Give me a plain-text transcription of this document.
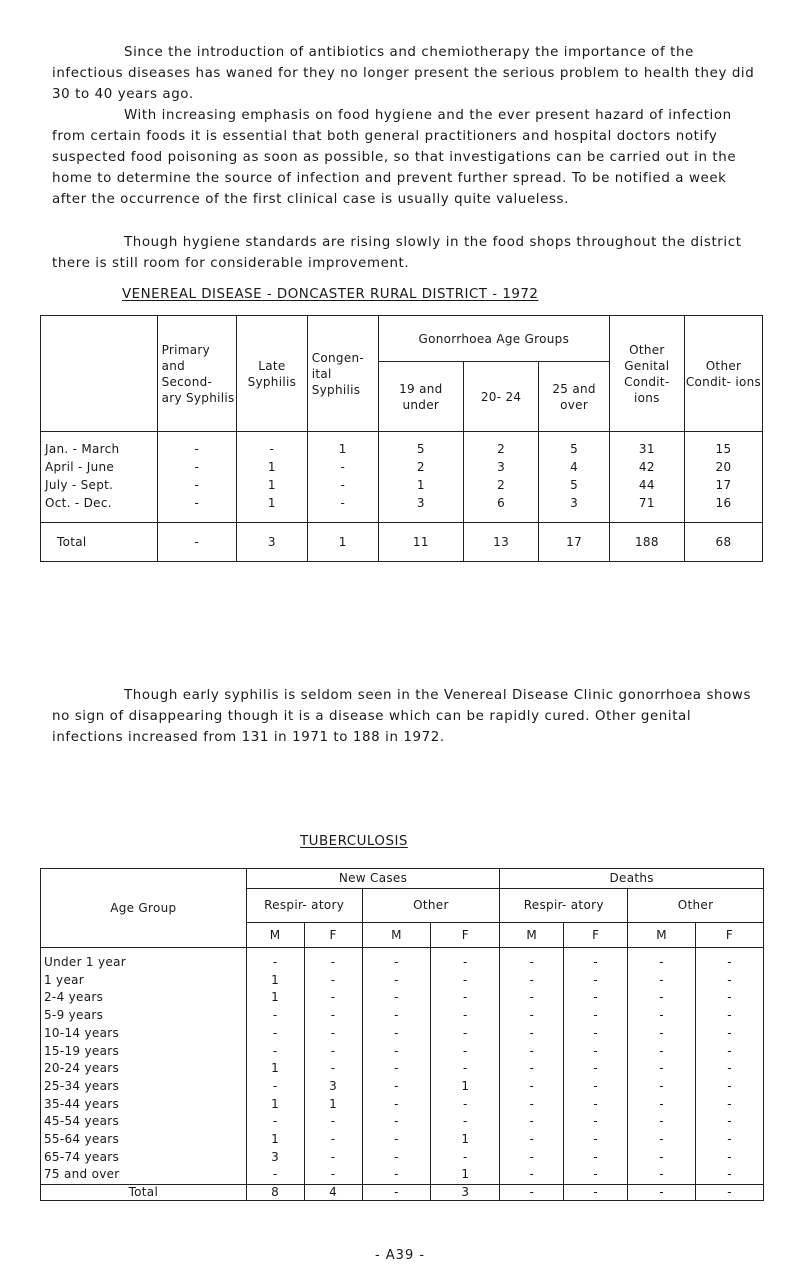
Since the introduction of antibiotics and chemiotherapy the importance of the infectious diseases has waned for they no longer present the serious problem to health they did 30 to 40 years ago.

With increasing emphasis on food hygiene and the ever present hazard of infection from certain foods it is essential that both general practitioners and hospital doctors notify suspected food poisoning as soon as possible, so that investigations can be carried out in the home to determine the source of infection and prevent further spread. To be notified a week after the occurrence of the first clinical case is usually quite valueless.

Though hygiene standards are rising slowly in the food shops throughout the district there is still room for considerable improvement.

VENEREAL DISEASE - DONCASTER RURAL DISTRICT - 1972

	Primary and Second- ary Syphilis	Late Syphilis	Congen- ital Syphilis	Gonorrhoea Age Groups			Other Genital Condit- ions	Other Condit- ions
				19 and under	20- 24	25 and over		
Jan. - March	-	-	1	5	2	5	31	15
April - June	-	1	-	2	3	4	42	20
July - Sept.	-	1	-	1	2	5	44	17
Oct. - Dec.	-	1	-	3	6	3	71	16
Total	-	3	1	11	13	17	188	68

Though early syphilis is seldom seen in the Venereal Disease Clinic gonorrhoea shows no sign of disappearing though it is a disease which can be rapidly cured. Other genital infections increased from 131 in 1971 to 188 in 1972.

TUBERCULOSIS

Age Group	New Cases				Deaths			
	Respir- atory		Other		Respir- atory		Other	
	M	F	M	F	M	F	M	F
Under 1 year	-	-	-	-	-	-	-	-
1 year	1	-	-	-	-	-	-	-
2-4 years	1	-	-	-	-	-	-	-
5-9 years	-	-	-	-	-	-	-	-
10-14 years	-	-	-	-	-	-	-	-
15-19 years	-	-	-	-	-	-	-	-
20-24 years	1	-	-	-	-	-	-	-
25-34 years	-	3	-	1	-	-	-	-
35-44 years	1	1	-	-	-	-	-	-
45-54 years	-	-	-	-	-	-	-	-
55-64 years	1	-	-	1	-	-	-	-
65-74 years	3	-	-	-	-	-	-	-
75 and over	-	-	-	1	-	-	-	-
Total	8	4	-	3	-	-	-	-
- A39 -
